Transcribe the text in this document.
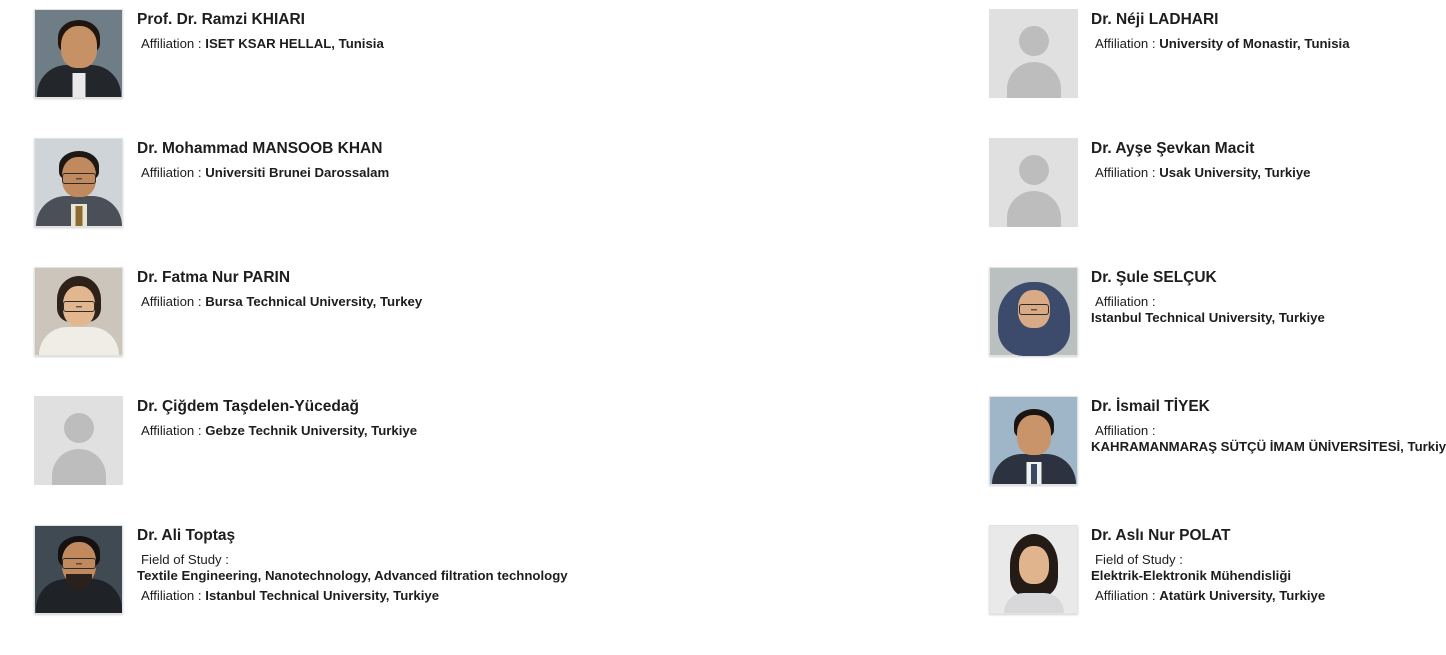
Prof. Dr. Ramzi KHIARI
Affiliation : ISET KSAR HELLAL, Tunisia
Dr. Néji LADHARI
Affiliation : University of Monastir, Tunisia
Dr. Mohammad MANSOOB KHAN
Affiliation : Universiti Brunei Darossalam
Dr. Ayşe Şevkan Macit
Affiliation : Usak University, Turkiye
Dr. Fatma Nur PARIN
Affiliation : Bursa Technical University, Turkey
Dr. Şule SELÇUK
Affiliation :
Istanbul Technical University, Turkiye
Dr. Çiğdem Taşdelen-Yücedağ
Affiliation : Gebze Technik University, Turkiye
Dr. İsmail TİYEK
Affiliation :
KAHRAMANMARAŞ SÜTÇÜ İMAM ÜNİVERSİTESİ, Turkiy
Dr. Ali Toptaş
Field of Study :
Textile Engineering, Nanotechnology, Advanced filtration technology
Affiliation : Istanbul Technical University, Turkiye
Dr. Aslı Nur POLAT
Field of Study :
Elektrik-Elektronik Mühendisliği
Affiliation : Atatürk University, Turkiye
